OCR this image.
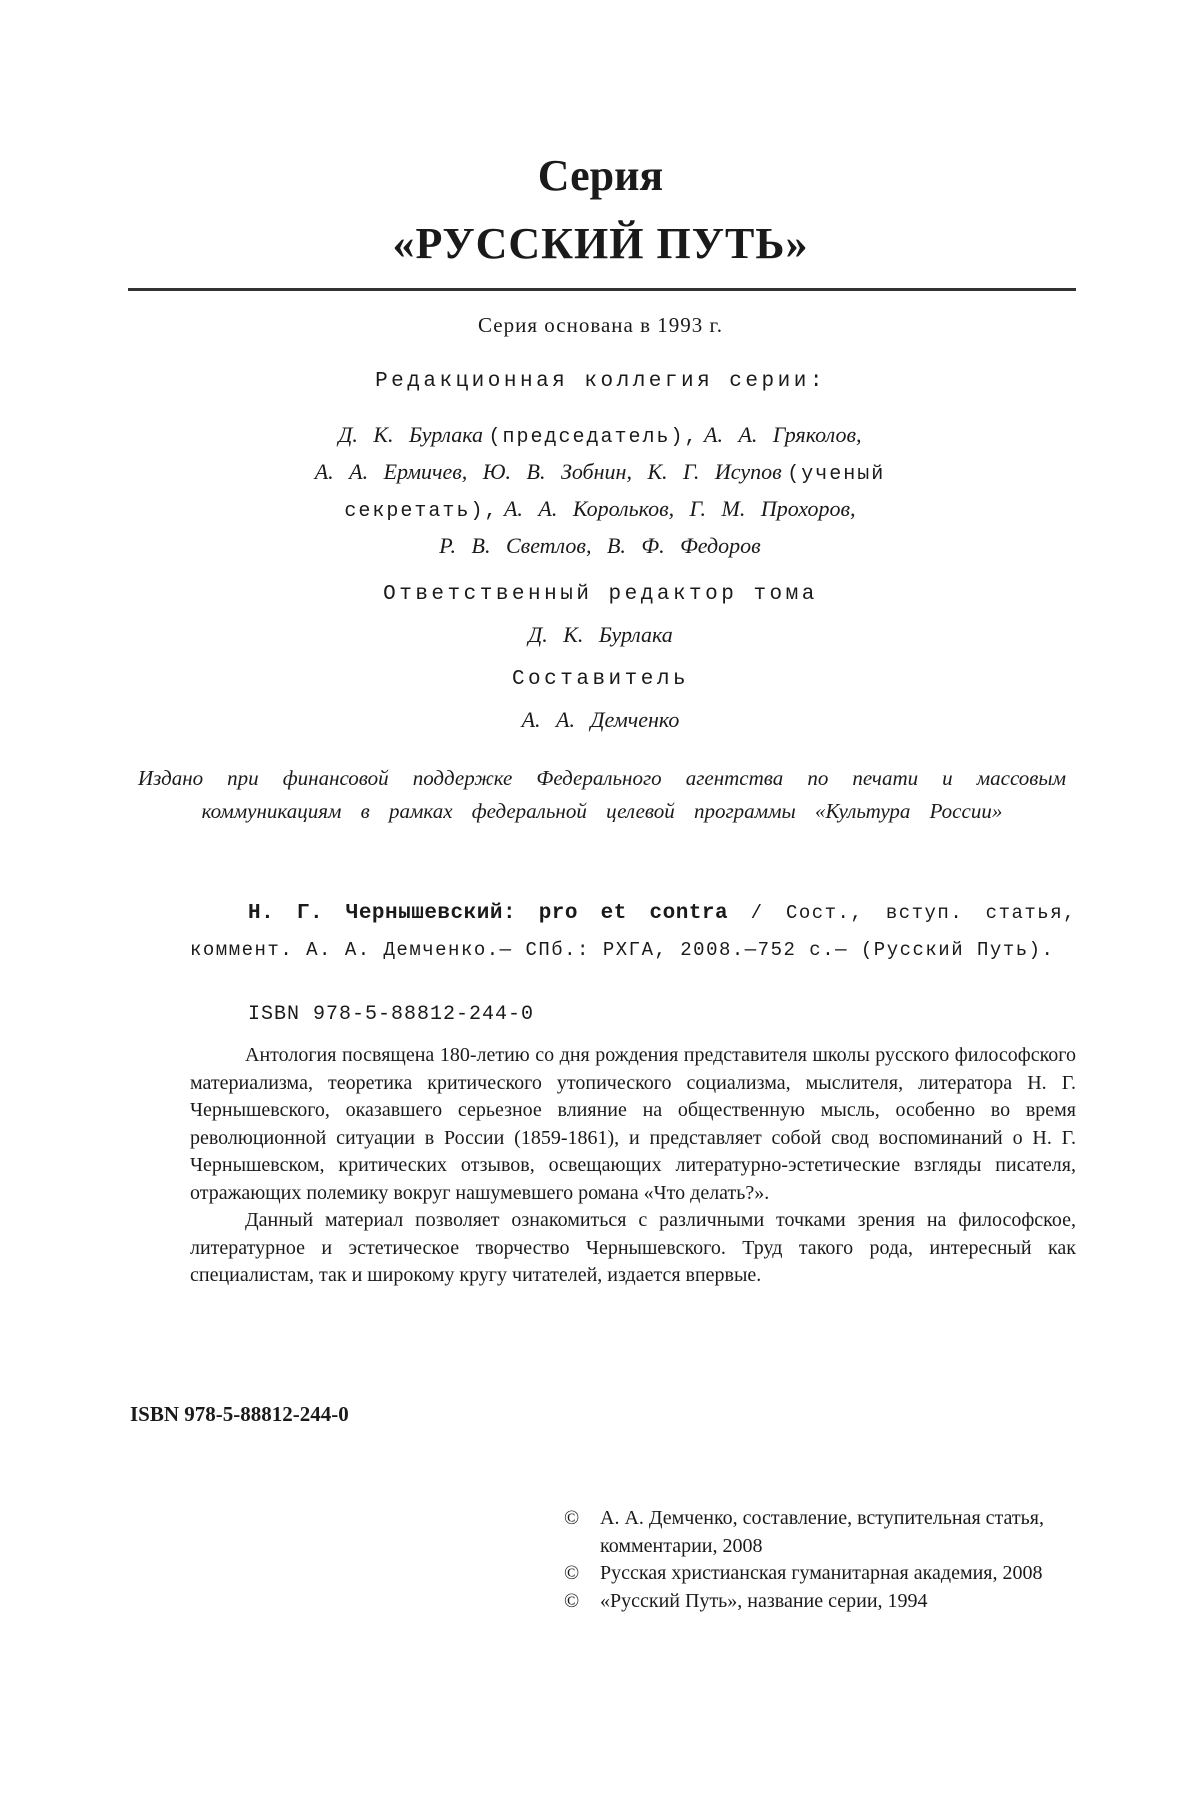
Серия
«РУССКИЙ ПУТЬ»
Серия основана в 1993 г.
Редакционная коллегия серии:
Д. К. Бурлака (председатель), А. А. Гряколов,
А. А. Ермичев, Ю. В. Зобнин, К. Г. Исупов (ученый
секретать), А. А. Корольков, Г. М. Прохоров,
Р. В. Светлов, В. Ф. Федоров
Ответственный редактор тома
Д. К. Бурлака
Составитель
А. А. Демченко
Издано при финансовой поддержке Федерального агентства по печати и массовым коммуникациям в рамках федеральной целевой программы «Культура России»
Н. Г. Чернышевский: pro et contra / Сост., вступ. статья, коммент. А. А. Демченко.— СПб.: РХГА, 2008.—752 с.— (Русский Путь).
ISBN 978-5-88812-244-0

Антология посвящена 180-летию со дня рождения представителя школы русского философского материализма, теоретика критического утопического социализма, мыслителя, литератора Н. Г. Чернышевского, оказавшего серьезное влияние на общественную мысль, особенно во время революционной ситуации в России (1859-1861), и представляет собой свод воспоминаний о Н. Г. Чернышевском, критических отзывов, освещающих литературно-эстетические взгляды писателя, отражающих полемику вокруг нашумевшего романа «Что делать?».

Данный материал позволяет ознакомиться с различными точками зрения на философское, литературное и эстетическое творчество Чернышевского. Труд такого рода, интересный как специалистам, так и широкому кругу читателей, издается впервые.

ISBN 978-5-88812-244-0
© А. А. Демченко, составление, вступительная статья, комментарии, 2008
© Русская христианская гуманитарная академия, 2008
© «Русский Путь», название серии, 1994
